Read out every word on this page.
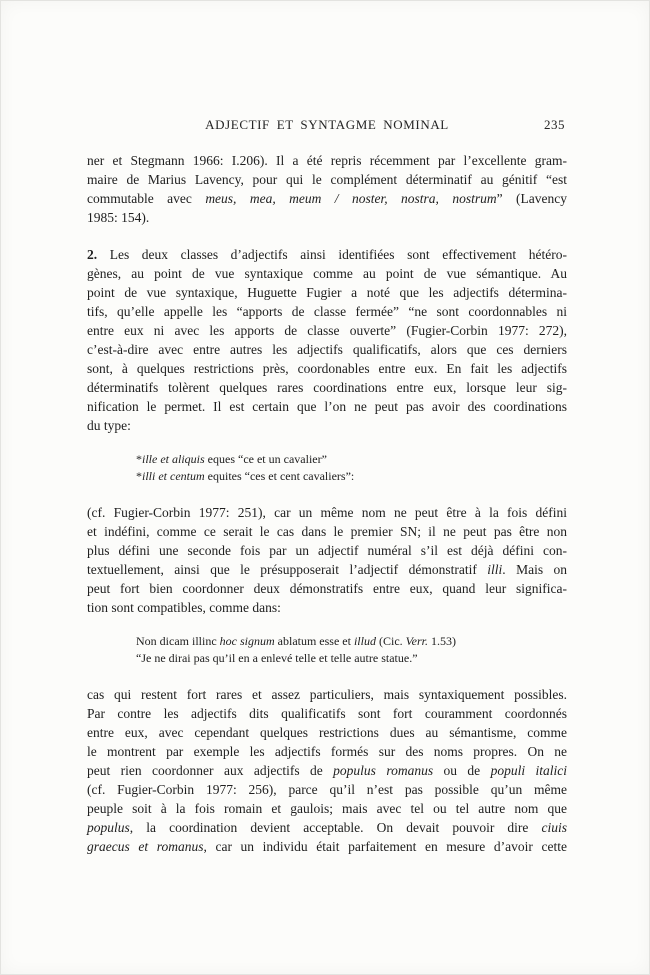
ADJECTIF ET SYNTAGME NOMINAL	235
ner et Stegmann 1966: I.206). Il a été repris récemment par l’excellente gram-
maire de Marius Lavency, pour qui le complément déterminatif au génitif “est
commutable avec meus, mea, meum / noster, nostra, nostrum” (Lavency
1985: 154).
2. Les deux classes d’adjectifs ainsi identifiées sont effectivement hétéro-
gènes, au point de vue syntaxique comme au point de vue sémantique. Au
point de vue syntaxique, Huguette Fugier a noté que les adjectifs détermina-
tifs, qu’elle appelle les “apports de classe fermée” “ne sont coordonnables ni
entre eux ni avec les apports de classe ouverte” (Fugier-Corbin 1977: 272),
c’est-à-dire avec entre autres les adjectifs qualificatifs, alors que ces derniers
sont, à quelques restrictions près, coordonables entre eux. En fait les adjectifs
déterminatifs tolèrent quelques rares coordinations entre eux, lorsque leur sig-
nification le permet. Il est certain que l’on ne peut pas avoir des coordinations
du type:
*ille et aliquis eques “ce et un cavalier”
*illi et centum equites “ces et cent cavaliers”:
(cf. Fugier-Corbin 1977: 251), car un même nom ne peut être à la fois défini
et indéfini, comme ce serait le cas dans le premier SN; il ne peut pas être non
plus défini une seconde fois par un adjectif numéral s’il est déjà défini con-
textuellement, ainsi que le présupposerait l’adjectif démonstratif illi. Mais on
peut fort bien coordonner deux démonstratifs entre eux, quand leur significa-
tion sont compatibles, comme dans:
Non dicam illinc hoc signum ablatum esse et illud (Cic. Verr. 1.53)
“Je ne dirai pas qu’il en a enlevé telle et telle autre statue.”
cas qui restent fort rares et assez particuliers, mais syntaxiquement possibles.
Par contre les adjectifs dits qualificatifs sont fort couramment coordonnés
entre eux, avec cependant quelques restrictions dues au sémantisme, comme
le montrent par exemple les adjectifs formés sur des noms propres. On ne
peut rien coordonner aux adjectifs de populus romanus ou de populi italici
(cf. Fugier-Corbin 1977: 256), parce qu’il n’est pas possible qu’un même
peuple soit à la fois romain et gaulois; mais avec tel ou tel autre nom que
populus, la coordination devient acceptable. On devait pouvoir dire ciuis
graecus et romanus, car un individu était parfaitement en mesure d’avoir cette
